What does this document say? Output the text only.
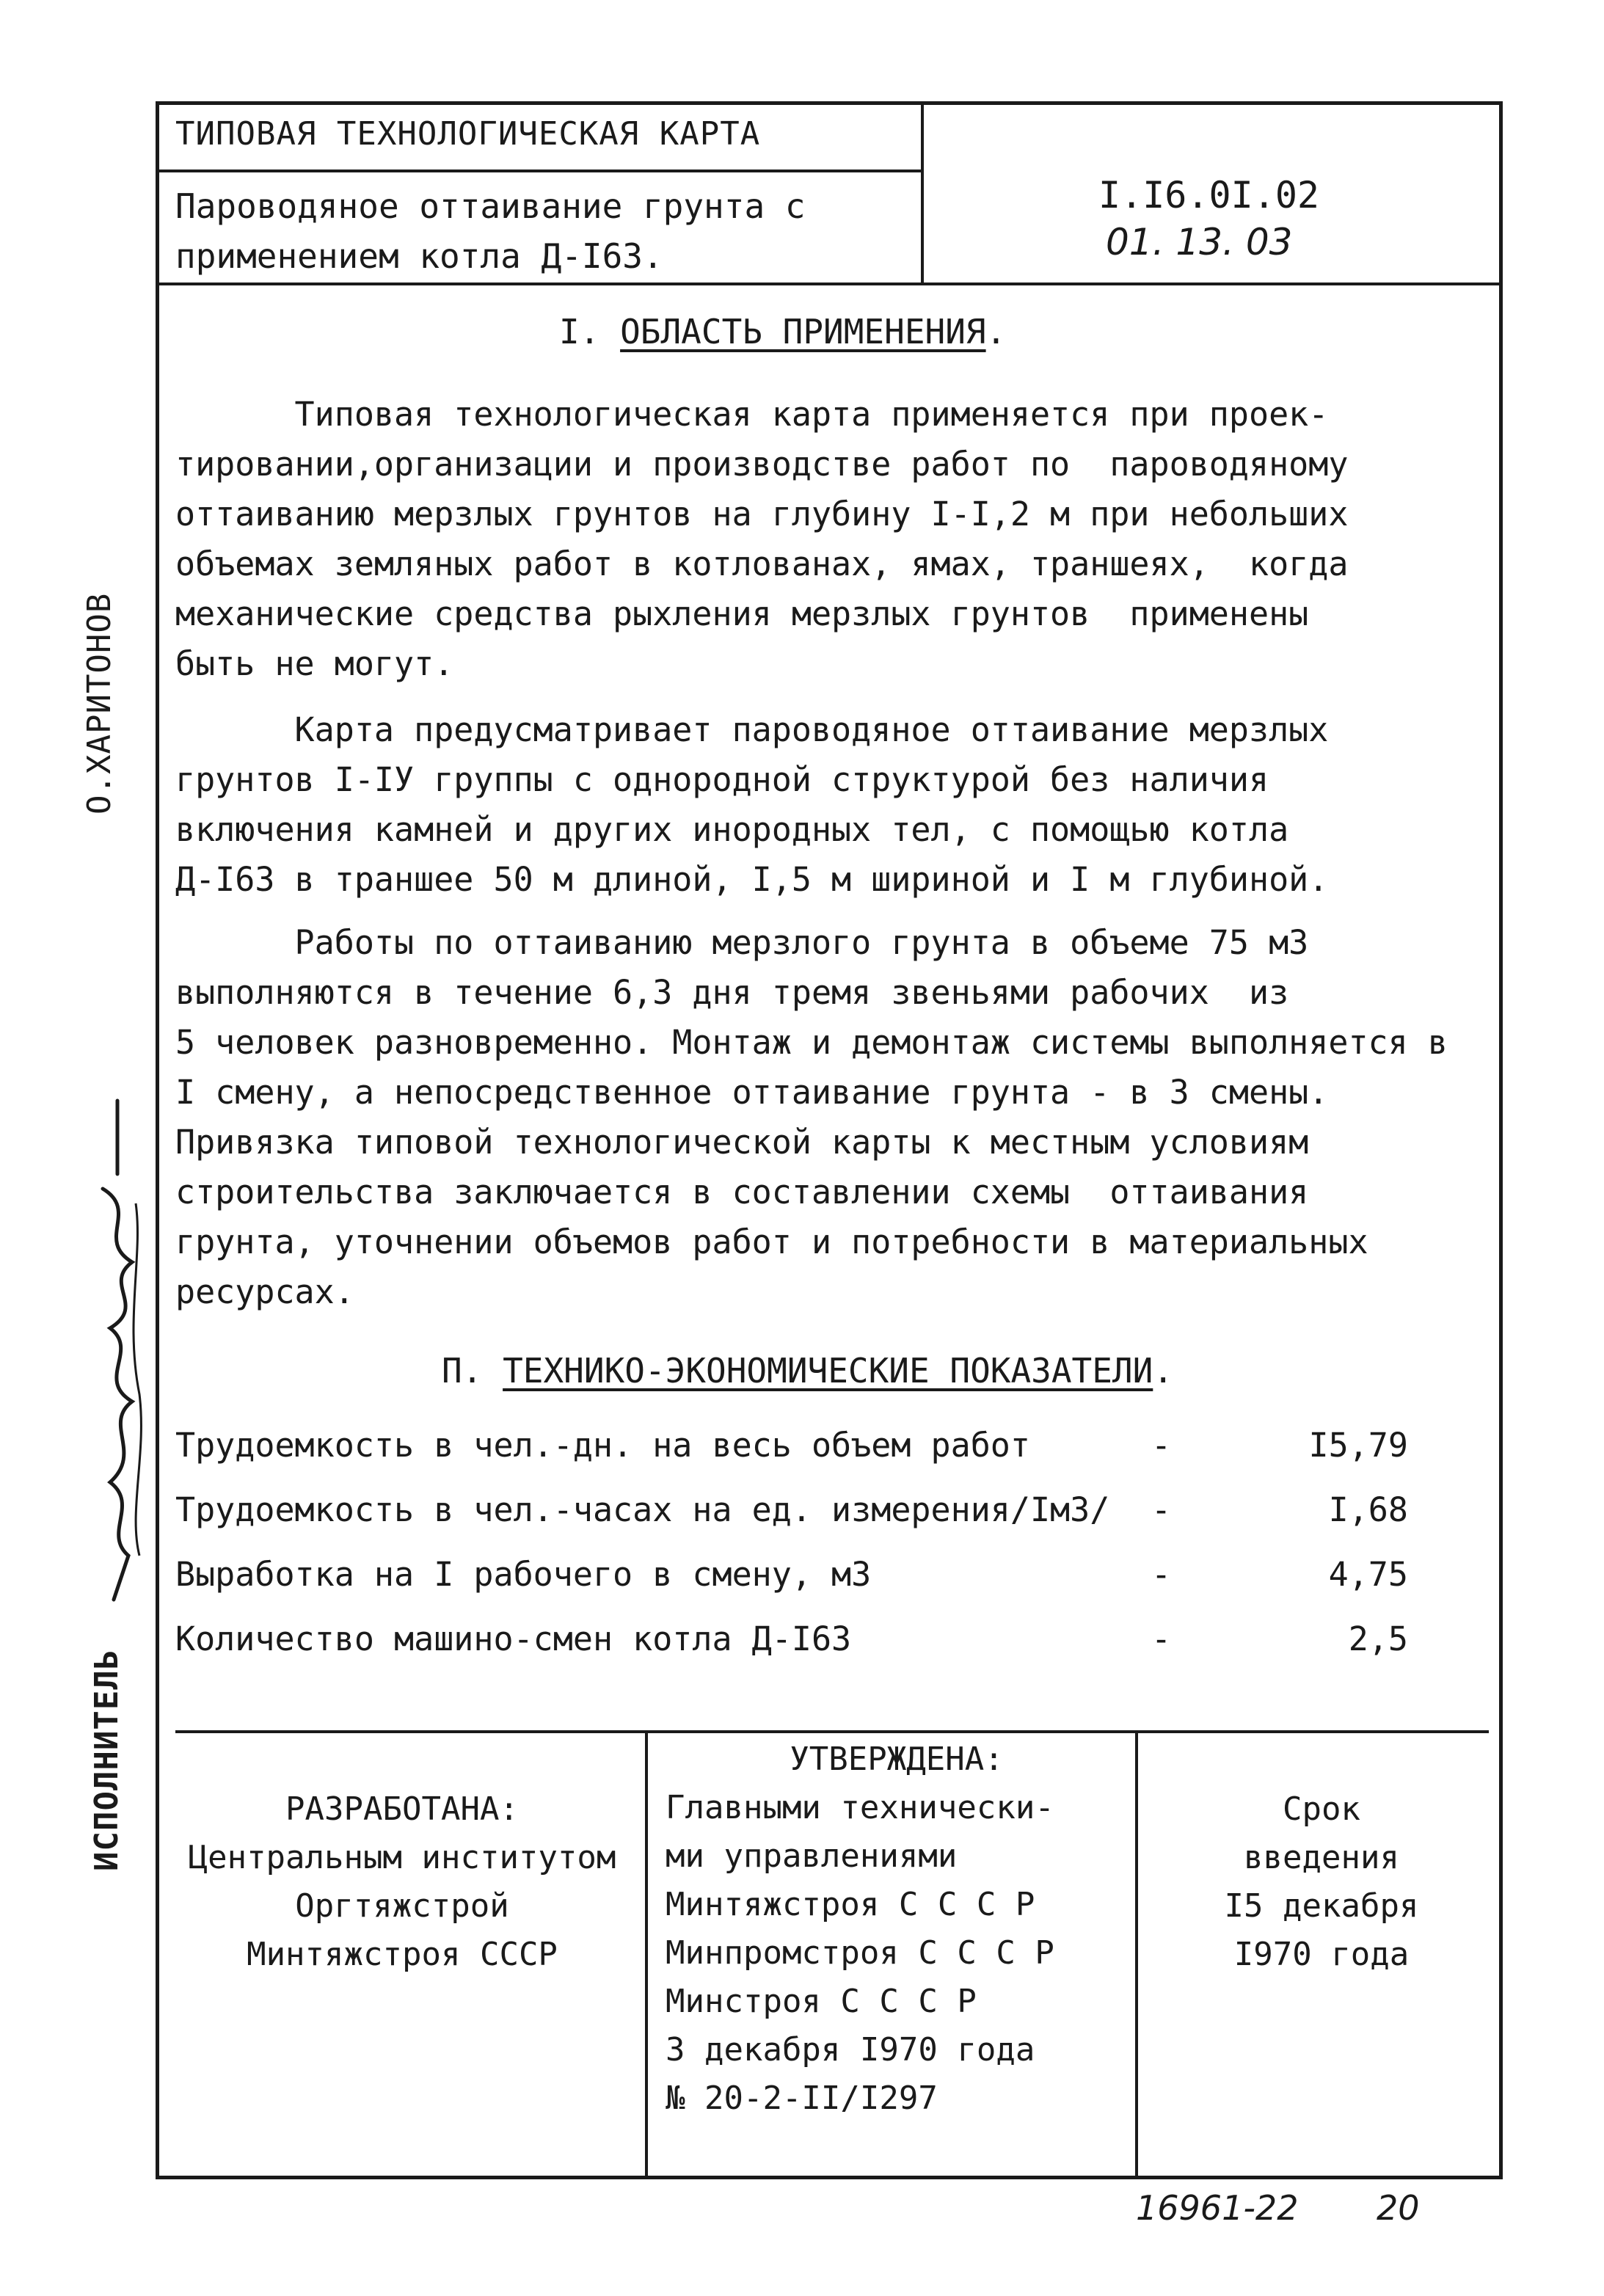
ТИПОВАЯ ТЕХНОЛОГИЧЕСКАЯ КАРТА
Пароводяное оттаивание грунта с
применением котла Д-I63.
I.I6.0I.02
01. 13. 03
I. ОБЛАСТЬ ПРИМЕНЕНИЯ.
Типовая технологическая карта применяется при проек-
тировании,организации и производстве работ по  пароводяному
оттаиванию мерзлых грунтов на глубину I-I,2 м при небольших
объемах земляных работ в котлованах, ямах, траншеях,  когда
механические средства рыхления мерзлых грунтов  применены
быть не могут.
Карта предусматривает пароводяное оттаивание мерзлых
грунтов I-IУ группы с однородной структурой без наличия
включения камней и других инородных тел, с помощью котла
Д-I63 в траншее 50 м длиной, I,5 м шириной и I м глубиной.
Работы по оттаиванию мерзлого грунта в объеме 75 м3
выполняются в течение 6,3 дня тремя звеньями рабочих  из
5 человек разновременно. Монтаж и демонтаж системы выполняется в
I смену, а непосредственное оттаивание грунта - в 3 смены.
Привязка типовой технологической карты к местным условиям
строительства заключается в составлении схемы  оттаивания
грунта, уточнении объемов работ и потребности в материальных
ресурсах.
П. ТЕХНИКО-ЭКОНОМИЧЕСКИЕ ПОКАЗАТЕЛИ.
Трудоемкость в чел.-дн. на весь объем работ	-	I5,79
Трудоемкость в чел.-часах на ед. измерения/Iм3/ -	I,68
Выработка на I рабочего в смену, м3	-	4,75
Количество машино-смен котла Д-I63	-	2,5
РАЗРАБОТАНА:
Центральным институтом
Оргтяжстрой
Минтяжстроя СССР
УТВЕРЖДЕНА:
Главными технически-
ми управлениями
Минтяжстроя С С С Р
Минпромстроя С С С Р
Минстроя С С С Р
3 декабря I970 года
№ 20-2-II/I297
Срок
введения
I5 декабря
I970 года
О.ХАРИТОНОВ
ИСПОЛНИТЕЛЬ
16961-22 20
